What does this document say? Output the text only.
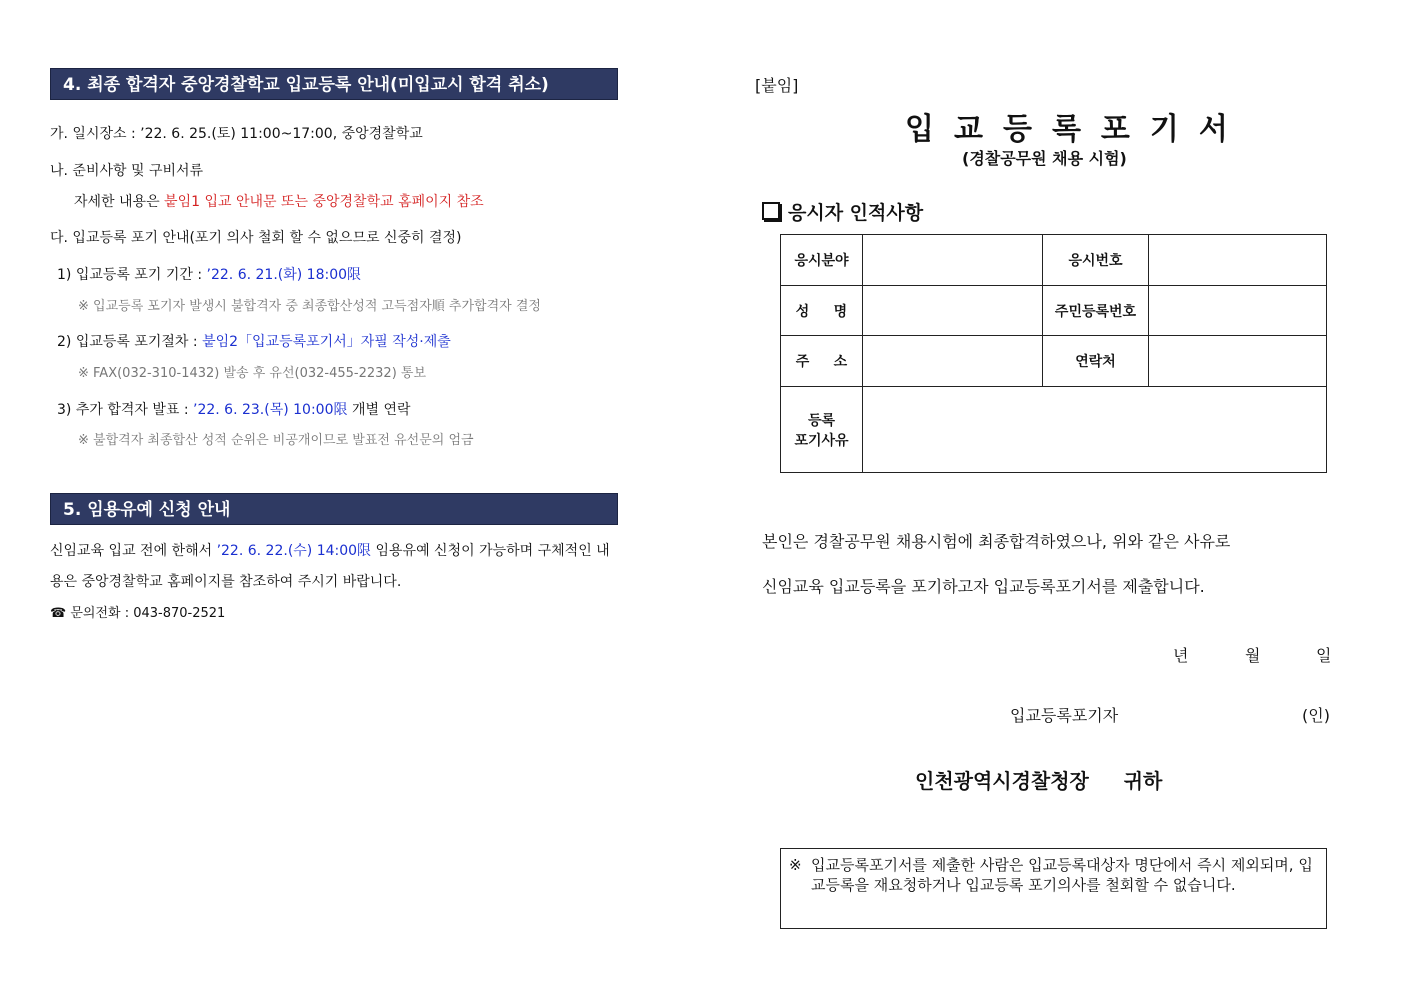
4. 최종 합격자 중앙경찰학교 입교등록 안내(미입교시 합격 취소)
가. 일시장소 : ’22. 6. 25.(토) 11:00~17:00, 중앙경찰학교
나. 준비사항 및 구비서류
자세한 내용은 붙임1 입교 안내문 또는 중앙경찰학교 홈페이지 참조
다. 입교등록 포기 안내(포기 의사 철회 할 수 없으므로 신중히 결정)
1) 입교등록 포기 기간 : ’22. 6. 21.(화) 18:00限
※ 입교등록 포기자 발생시 불합격자 중 최종합산성적 고득점자順 추가합격자 결정
2) 입교등록 포기절차 : 붙임2「입교등록포기서」자필 작성·제출
※ FAX(032-310-1432) 발송 후 유선(032-455-2232) 통보
3) 추가 합격자 발표 : ’22. 6. 23.(목) 10:00限 개별 연락
※ 불합격자 최종합산 성적 순위은 비공개이므로 발표전 유선문의 엄금
5. 임용유예 신청 안내
신임교육 입교 전에 한해서 ’22. 6. 22.(수) 14:00限 임용유예 신청이 가능하며 구체적인 내
용은 중앙경찰학교 홈페이지를 참조하여 주시기 바랍니다.
☎ 문의전화 : 043-870-2521
[붙임]
입교등록포기서
(경찰공무원 채용 시험)
응시자 인적사항
응시분야		응시번호	
성     명		주민등록번호	
주     소		연락처	

등록
포기사유			

본인은 경찰공무원 채용시험에 최종합격하였으나, 위와 같은 사유로
신임교육 입교등록을 포기하고자 입교등록포기서를 제출합니다.
년	월	일
입교등록포기자	(인)
인천광역시경찰청장     귀하
※ 입교등록포기서를 제출한 사람은 입교등록대상자 명단에서 즉시 제외되며, 입교등록을 재요청하거나 입교등록 포기의사를 철회할 수 없습니다.
